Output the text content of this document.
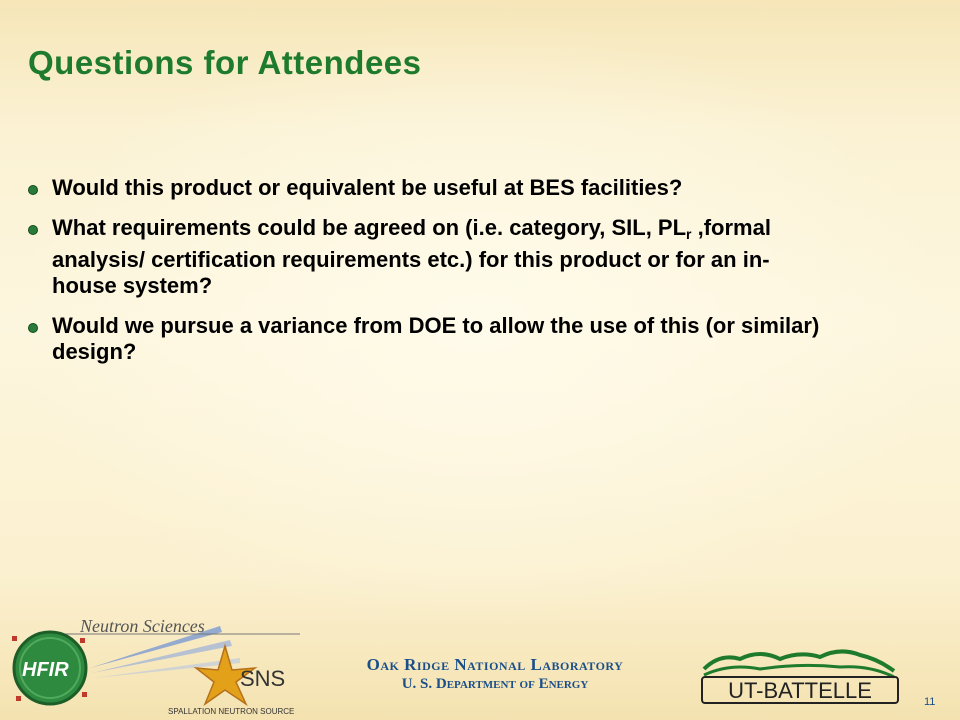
Questions for Attendees
Would this product or equivalent be useful at BES facilities?
What requirements could be agreed on (i.e. category, SIL, $PL_r$ ,formal analysis/ certification requirements etc.) for this product or for an in-house system?
Would we pursue a variance from DOE to allow the use of this (or similar) design?
Neutron Sciences
HFIR	SNS
SPALLATION NEUTRON SOURCE
Oak Ridge National Laboratory
U. S. Department of Energy	UT-BATTELLE	11
